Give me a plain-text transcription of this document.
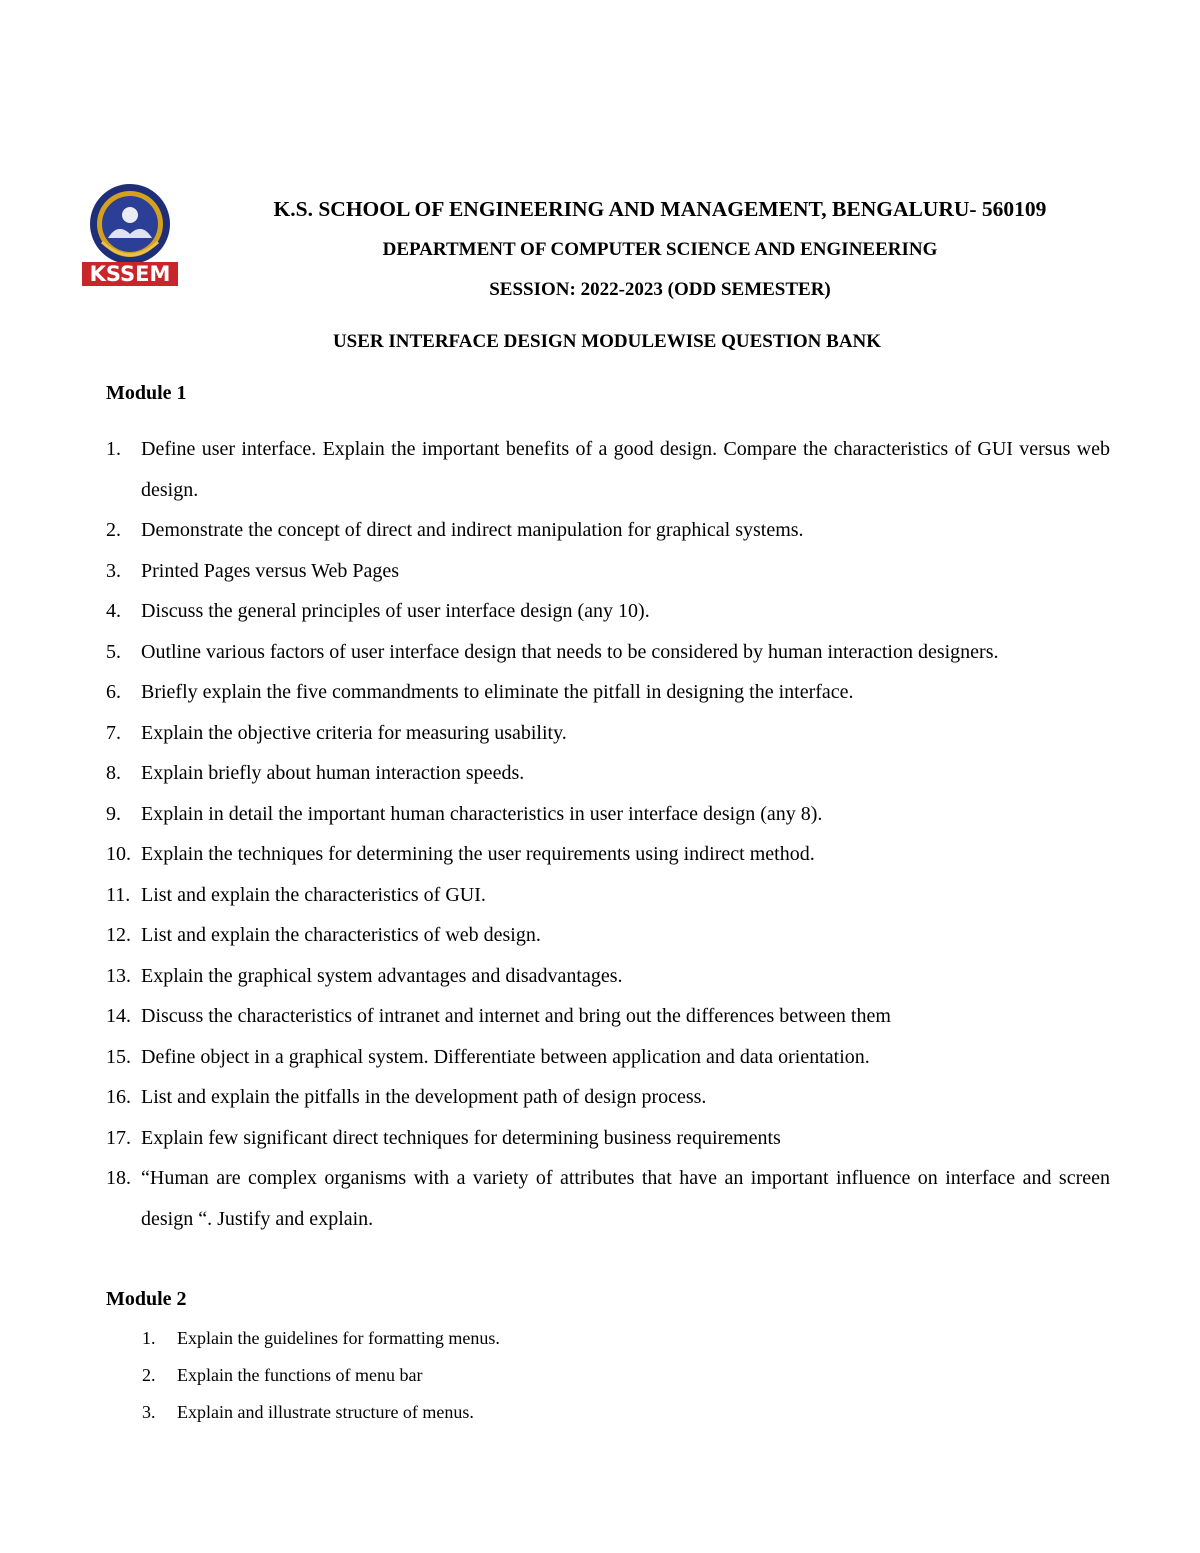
KSSEM
K.S. SCHOOL OF ENGINEERING AND MANAGEMENT, BENGALURU- 560109
DEPARTMENT OF COMPUTER SCIENCE AND ENGINEERING
SESSION: 2022-2023 (ODD SEMESTER)
USER INTERFACE DESIGN MODULEWISE QUESTION BANK
Module 1
1. Define user interface. Explain the important benefits of a good design. Compare the characteristics of GUI versus web design.
2. Demonstrate the concept of direct and indirect manipulation for graphical systems.
3. Printed Pages versus Web Pages
4. Discuss the general principles of user interface design (any 10).
5. Outline various factors of user interface design that needs to be considered by human interaction designers.
6. Briefly explain the five commandments to eliminate the pitfall in designing the interface.
7. Explain the objective criteria for measuring usability.
8. Explain briefly about human interaction speeds.
9. Explain in detail the important human characteristics in user interface design (any 8).
10. Explain the techniques for determining the user requirements using indirect method.
11. List and explain the characteristics of GUI.
12. List and explain the characteristics of web design.
13. Explain the graphical system advantages and disadvantages.
14. Discuss the characteristics of intranet and internet and bring out the differences between them
15. Define object in a graphical system. Differentiate between application and data orientation.
16. List and explain the pitfalls in the development path of design process.
17. Explain few significant direct techniques for determining business requirements
18. “Human are complex organisms with a variety of attributes that have an important influence on interface and screen design “. Justify and explain.
Module 2
1. Explain the guidelines for formatting menus.
2. Explain the functions of menu bar
3. Explain and illustrate structure of menus.
